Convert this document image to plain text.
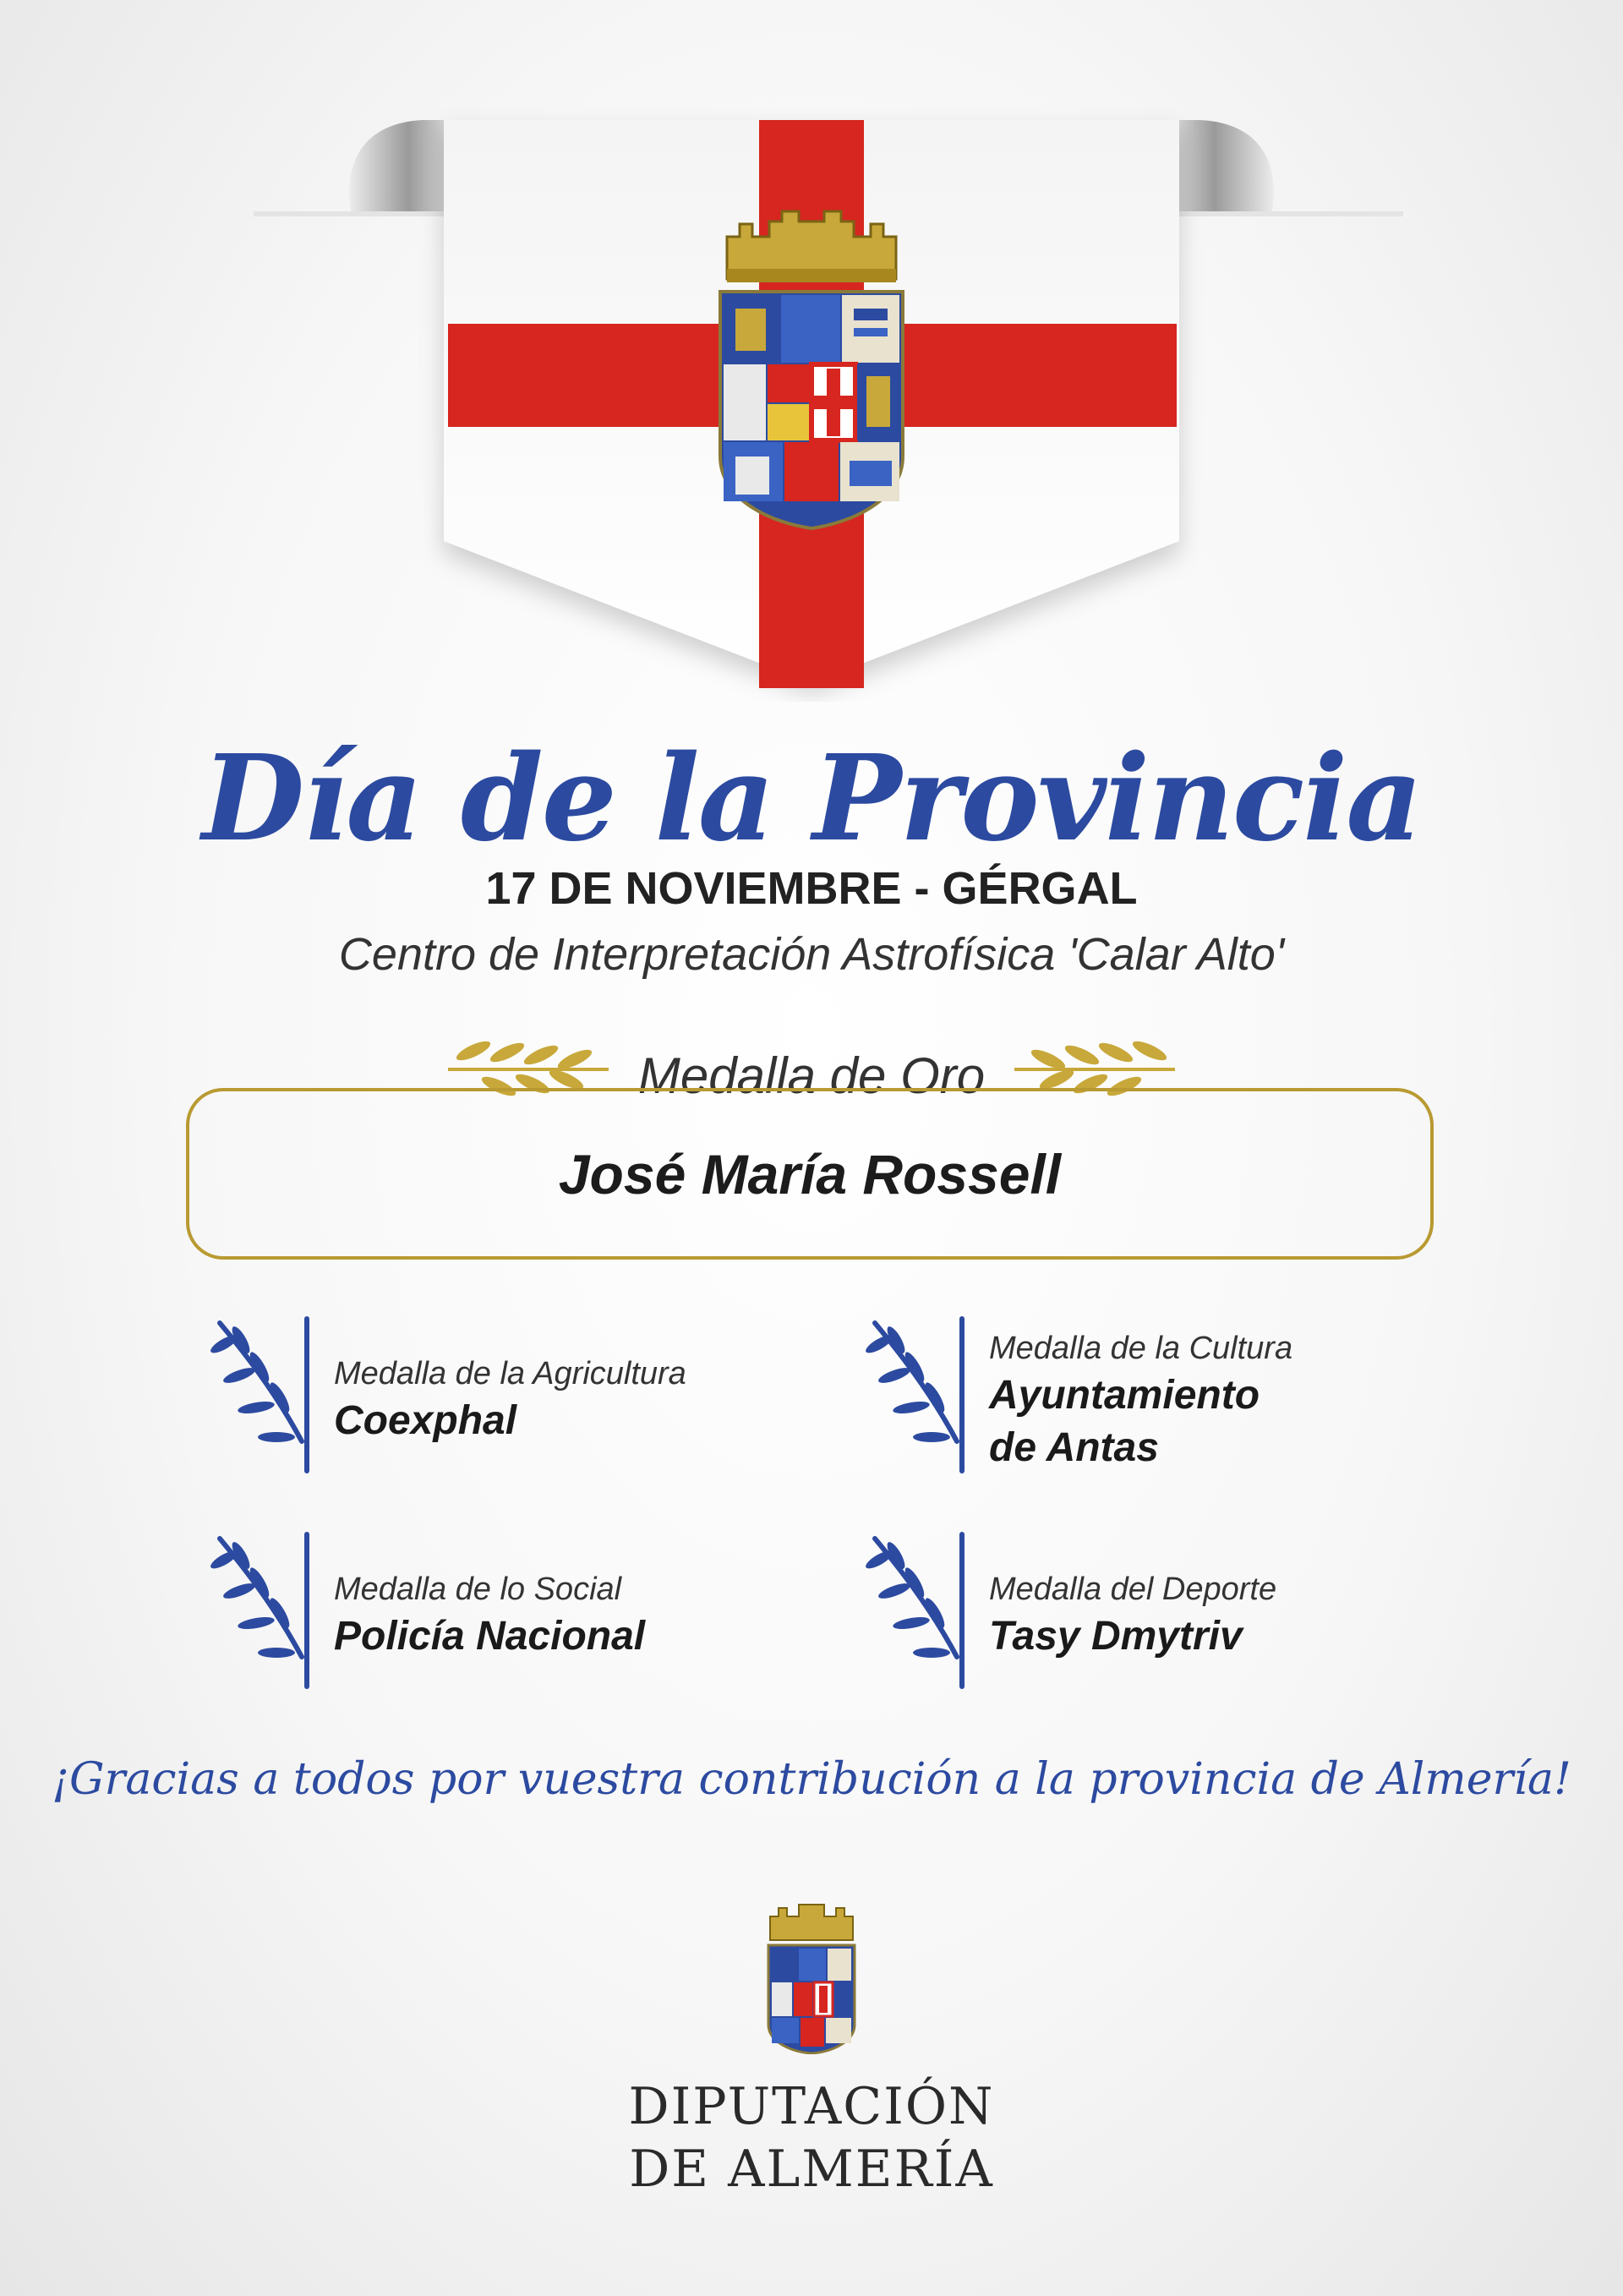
Día de la Provincia
17 DE NOVIEMBRE - GÉRGAL
Centro de Interpretación Astrofísica 'Calar Alto'
Medalla de Oro
José María Rossell
Medalla de la Agricultura
Coexphal
Medalla de la Cultura
Ayuntamiento
de Antas
Medalla de lo Social
Policía Nacional
Medalla del Deporte
Tasy Dmytriv
¡Gracias a todos por vuestra contribución a la provincia de Almería!
DIPUTACIÓN
DE ALMERÍA
